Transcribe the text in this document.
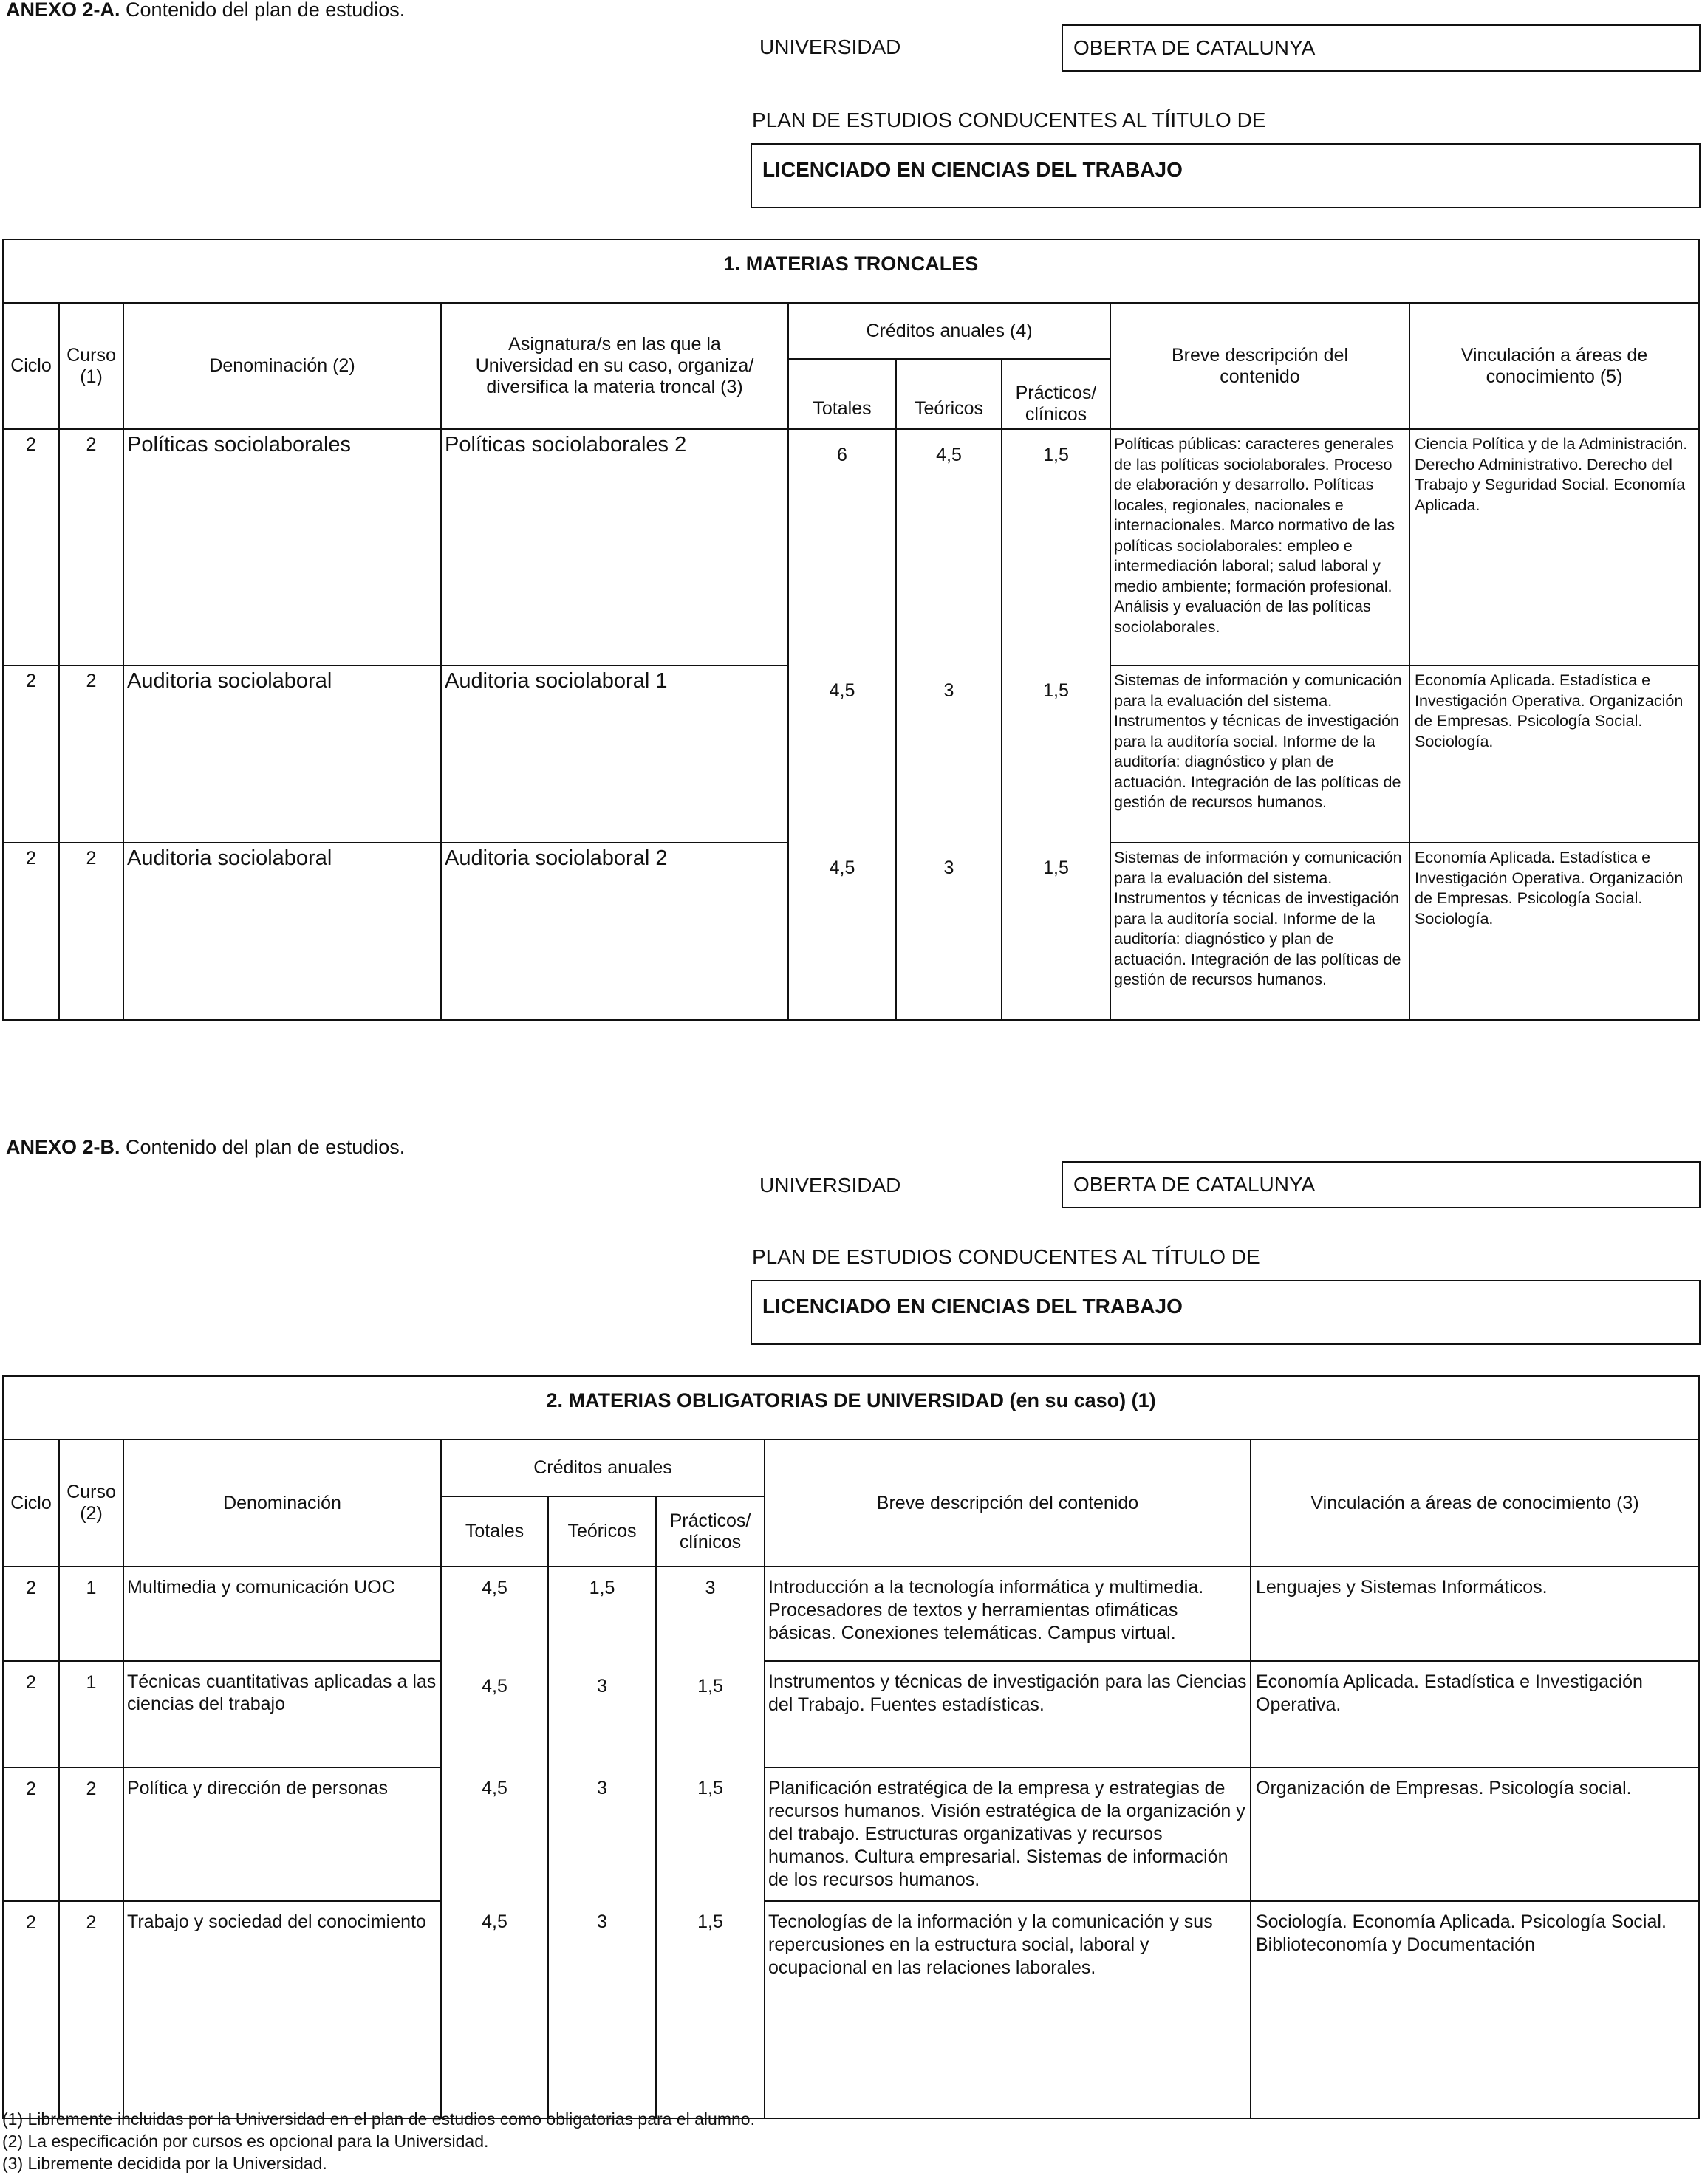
ANEXO 2-A. Contenido del plan de estudios.
UNIVERSIDAD	OBERTA DE CATALUNYA
PLAN DE ESTUDIOS CONDUCENTES AL TÍITULO DE
LICENCIADO EN CIENCIAS DEL TRABAJO
1. MATERIAS TRONCALES								
Ciclo	Curso (1)	Denominación (2)	Asignatura/s en las que la Universidad en su caso, organiza/ diversifica la materia troncal (3)	Créditos anuales (4)			Breve descripción del contenido	Vinculación a áreas de conocimiento (5)
				Totales	Teóricos	Prácticos/ clínicos		
2	2	Políticas sociolaborales	Políticas sociolaborales 2	6	4,5	1,5	Políticas públicas: caracteres generales de las políticas sociolaborales. Proceso de elaboración y desarrollo. Políticas locales, regionales, nacionales e internacionales. Marco normativo de las políticas sociolaborales: empleo e intermediación laboral; salud laboral y medio ambiente; formación profesional. Análisis y evaluación de las políticas sociolaborales.	Ciencia Política y de la Administración. Derecho Administrativo. Derecho del Trabajo y Seguridad Social. Economía Aplicada.
2	2	Auditoria sociolaboral	Auditoria sociolaboral 1	4,5	3	1,5	Sistemas de información y comunicación para la evaluación del sistema. Instrumentos y técnicas de investigación para la auditoría social. Informe de la auditoría: diagnóstico y plan de actuación. Integración de las políticas de gestión de recursos humanos.	Economía Aplicada. Estadística e Investigación Operativa. Organización de Empresas. Psicología Social. Sociología.
2	2	Auditoria sociolaboral	Auditoria sociolaboral 2	4,5	3	1,5	Sistemas de información y comunicación para la evaluación del sistema. Instrumentos y técnicas de investigación para la auditoría social. Informe de la auditoría: diagnóstico y plan de actuación. Integración de las políticas de gestión de recursos humanos.	Economía Aplicada. Estadística e Investigación Operativa. Organización de Empresas. Psicología Social. Sociología.
ANEXO 2-B. Contenido del plan de estudios.
UNIVERSIDAD	OBERTA DE CATALUNYA
PLAN DE ESTUDIOS CONDUCENTES AL TÍTULO DE
LICENCIADO EN CIENCIAS DEL TRABAJO
2. MATERIAS OBLIGATORIAS DE UNIVERSIDAD (en su caso) (1)							
Ciclo	Curso (2)	Denominación	Créditos anuales			Breve descripción del contenido	Vinculación a áreas de conocimiento (3)
			Totales	Teóricos	Prácticos/ clínicos		
2	1	Multimedia y comunicación UOC	4,5	1,5	3	Introducción a la tecnología informática y multimedia. Procesadores de textos y herramientas ofimáticas básicas. Conexiones telemáticas. Campus virtual.	Lenguajes y Sistemas Informáticos.
2	1	Técnicas cuantitativas aplicadas a las ciencias del trabajo	4,5	3	1,5	Instrumentos y técnicas de investigación para las Ciencias del Trabajo. Fuentes estadísticas.	Economía Aplicada. Estadística e Investigación Operativa.
2	2	Política y dirección de personas	4,5	3	1,5	Planificación estratégica de la empresa y estrategias de recursos humanos. Visión estratégica de la organización y del trabajo. Estructuras organizativas y recursos humanos. Cultura empresarial. Sistemas de información de los recursos humanos.	Organización de Empresas. Psicología social.
2	2	Trabajo y sociedad del conocimiento	4,5	3	1,5	Tecnologías de la información y la comunicación y sus repercusiones en la estructura social, laboral y ocupacional en las relaciones laborales.	Sociología. Economía Aplicada. Psicología Social. Biblioteconomía y Documentación
(1) Libremente incluidas por la Universidad en el plan de estudios como obligatorias para el alumno.
(2) La especificación por cursos es opcional para la Universidad.
(3) Libremente decidida por la Universidad.
